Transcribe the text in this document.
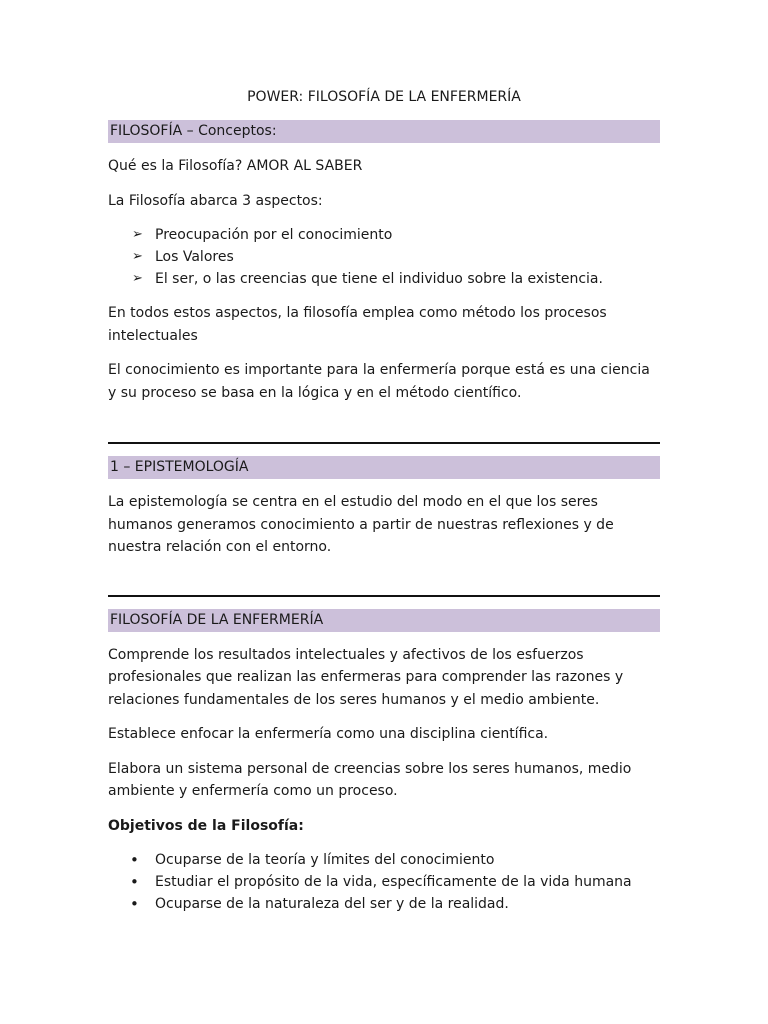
POWER: FILOSOFÍA DE LA ENFERMERÍA
FILOSOFÍA – Conceptos:

Qué es la Filosofía? AMOR AL SABER

La Filosofía abarca 3 aspectos:

➢ Preocupación por el conocimiento
➢ Los Valores
➢ El ser, o las creencias que tiene el individuo sobre la existencia.

En todos estos aspectos, la filosofía emplea como método los procesos intelectuales

El conocimiento es importante para la enfermería porque está es una ciencia y su proceso se basa en la lógica y en el método científico.

1 – EPISTEMOLOGÍA

La epistemología se centra en el estudio del modo en el que los seres humanos generamos conocimiento a partir de nuestras reflexiones y de nuestra relación con el entorno.

FILOSOFÍA DE LA ENFERMERÍA

Comprende los resultados intelectuales y afectivos de los esfuerzos profesionales que realizan las enfermeras para comprender las razones y relaciones fundamentales de los seres humanos y el medio ambiente.

Establece enfocar la enfermería como una disciplina científica.

Elabora un sistema personal de creencias sobre los seres humanos, medio ambiente y enfermería como un proceso.

Objetivos de la Filosofía:

• Ocuparse de la teoría y límites del conocimiento
• Estudiar el propósito de la vida, específicamente de la vida humana
• Ocuparse de la naturaleza del ser y de la realidad.
